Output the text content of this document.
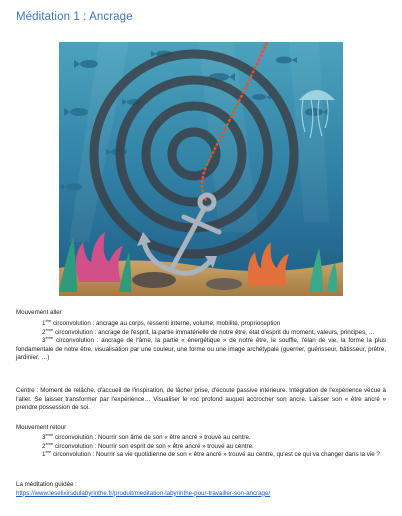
Méditation 1 : Ancrage
Mouvement aller

1ère circonvolution : ancrage au corps, ressenti interne, volume, mobilité, proprioception

2ème circonvolution : ancrage de l'esprit, la partie immatérielle de notre être, état d'esprit du moment, valeurs, principes, …

3ème circonvolution : ancrage de l'âme, la partie « énergétique » de notre être, le souffle, l'élan de vie, la forme la plus fondamentale de notre être, visualisation par une couleur, une forme ou une image archétypale (guerrier, guérisseur, bâtisseur, prêtre, jardinier, …)

Centre : Moment de relâche, d'accueil de l'inspiration, de lâcher prise, d'écoute passive intérieure. Intégration de l'expérience vécue à l'aller. Se laisser transformer par l'expérience… Visualiser le roc profond auquel accrocher son ancre. Laisser son « être ancré » prendre possession de soi.
Mouvement retour

3ème circonvolution : Nourrir son âme de son « être ancré » trouvé au centre.

2ème circonvolution : Nourrir son esprit de son « être ancré » trouvé au centre.

1ère circonvolution : Nourrir sa vie quotidienne de son « être ancré » trouvé au centre, qu'est ce qui va changer dans la vie ?

La méditation guidée :

https://www.leselixirsdulabyrinthe.fr/produit/meditation-labyrinthe-pour-travailler-son-ancrage/
